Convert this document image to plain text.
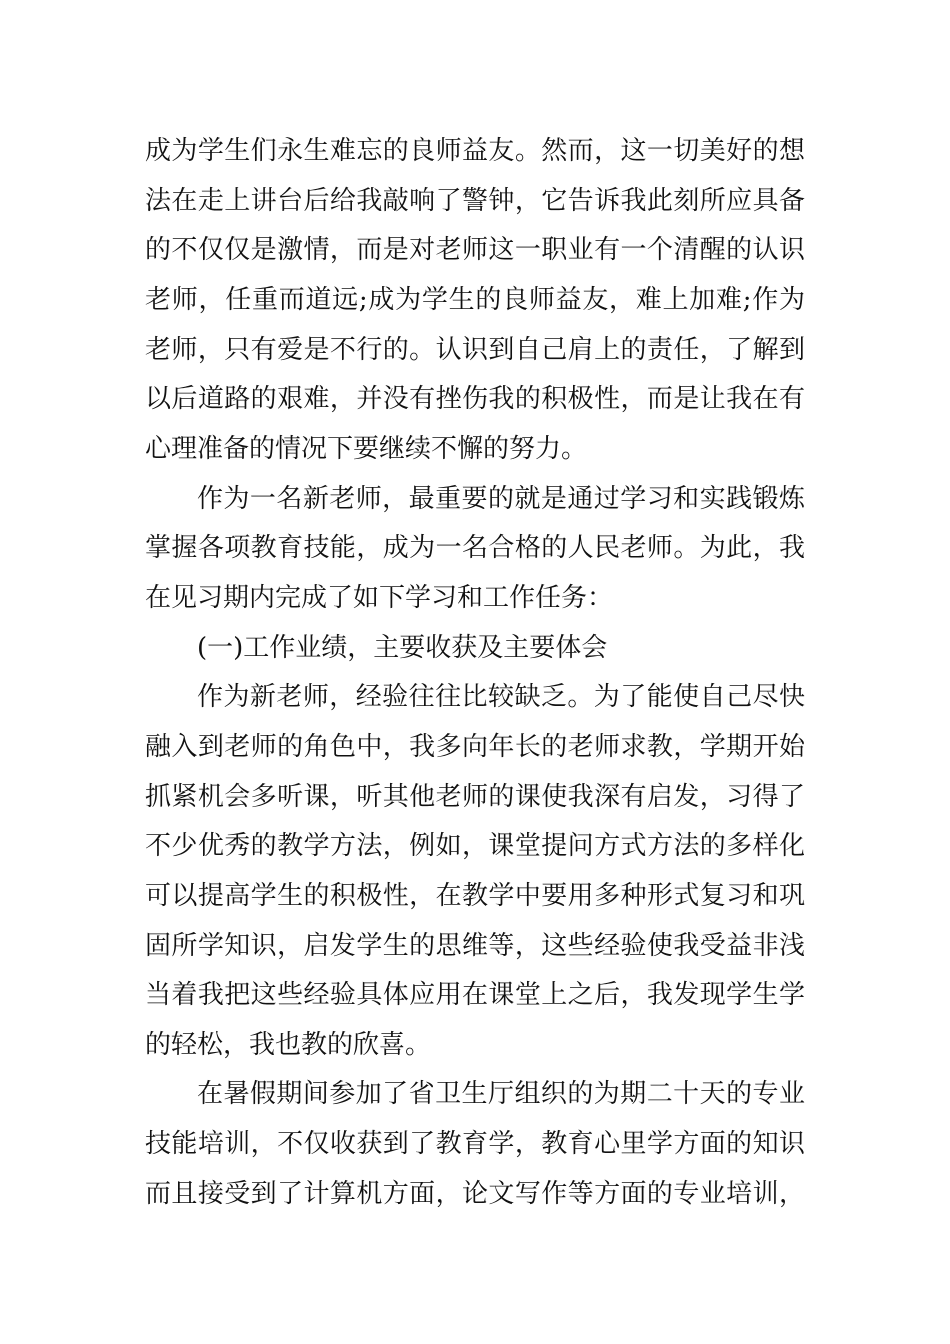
成为学生们永生难忘的良师益友。然而，这一切美好的想
法在走上讲台后给我敲响了警钟，它告诉我此刻所应具备
的不仅仅是激情，而是对老师这一职业有一个清醒的认识
老师，任重而道远;成为学生的良师益友，难上加难;作为
老师，只有爱是不行的。认识到自己肩上的责任，了解到
以后道路的艰难，并没有挫伤我的积极性，而是让我在有
心理准备的情况下要继续不懈的努力。
作为一名新老师，最重要的就是通过学习和实践锻炼
掌握各项教育技能，成为一名合格的人民老师。为此，我
在见习期内完成了如下学习和工作任务：
(一)工作业绩，主要收获及主要体会
作为新老师，经验往往比较缺乏。为了能使自己尽快
融入到老师的角色中，我多向年长的老师求教，学期开始
抓紧机会多听课，听其他老师的课使我深有启发，习得了
不少优秀的教学方法，例如，课堂提问方式方法的多样化
可以提高学生的积极性，在教学中要用多种形式复习和巩
固所学知识，启发学生的思维等，这些经验使我受益非浅
当着我把这些经验具体应用在课堂上之后，我发现学生学
的轻松，我也教的欣喜。
在暑假期间参加了省卫生厅组织的为期二十天的专业
技能培训，不仅收获到了教育学，教育心里学方面的知识
而且接受到了计算机方面，论文写作等方面的专业培训，
